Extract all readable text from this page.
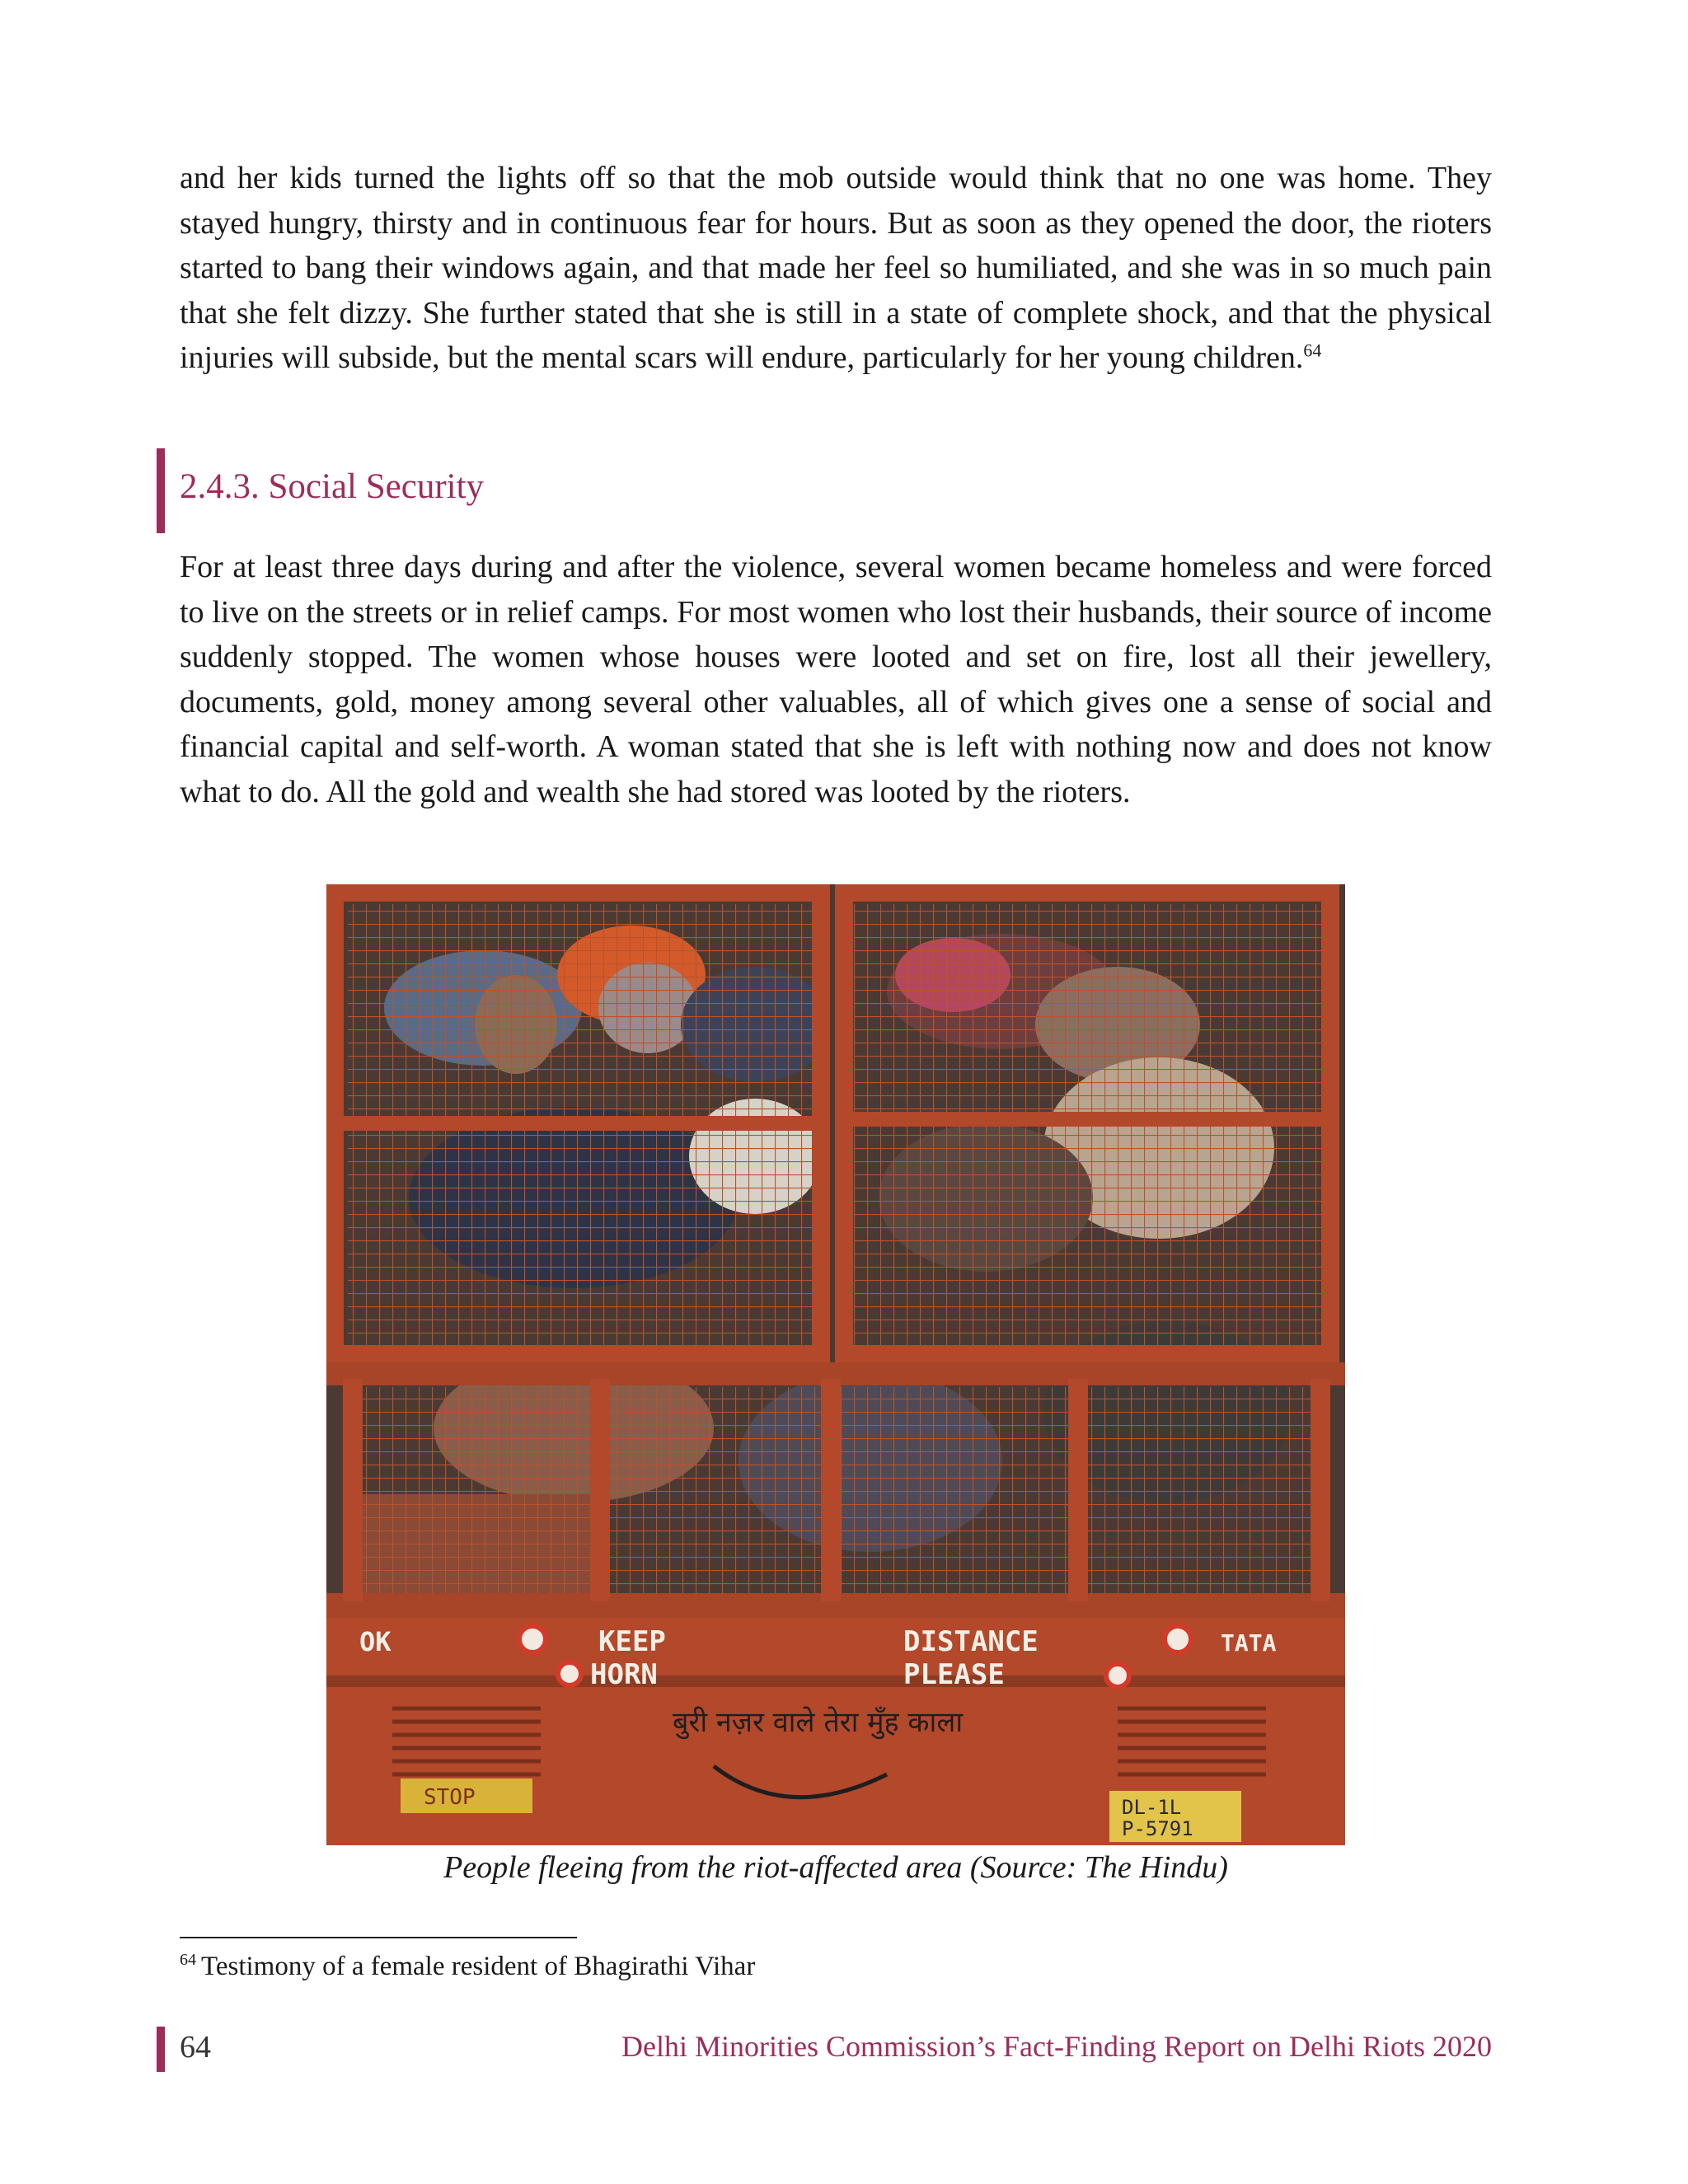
and her kids turned the lights off so that the mob outside would think that no one was home. They stayed hungry, thirsty and in continuous fear for hours. But as soon as they opened the door, the rioters started to bang their windows again, and that made her feel so humiliated, and she was in so much pain that she felt dizzy. She further stated that she is still in a state of complete shock, and that the physical injuries will subside, but the mental scars will endure, particularly for her young children.$^{64}$

2.4.3. Social Security

For at least three days during and after the violence, several women became homeless and were forced to live on the streets or in relief camps. For most women who lost their husbands, their source of income suddenly stopped. The women whose houses were looted and set on fire, lost all their jewellery, documents, gold, money among several other valuables, all of which gives one a sense of social and financial capital and self-worth. A woman stated that she is left with nothing now and does not know what to do. All the gold and wealth she had stored was looted by the rioters.

OK	KEEP	DISTANCE	TATA
HORN	PLEASE
बुरी नज़र वाले तेरा मुँह काला
STOP	DL-1L
P-5791

People fleeing from the riot-affected area (Source: The Hindu)

$^{64}$ Testimony of a female resident of Bhagirathi Vihar

64	Delhi Minorities Commission’s Fact-Finding Report on Delhi Riots 2020
